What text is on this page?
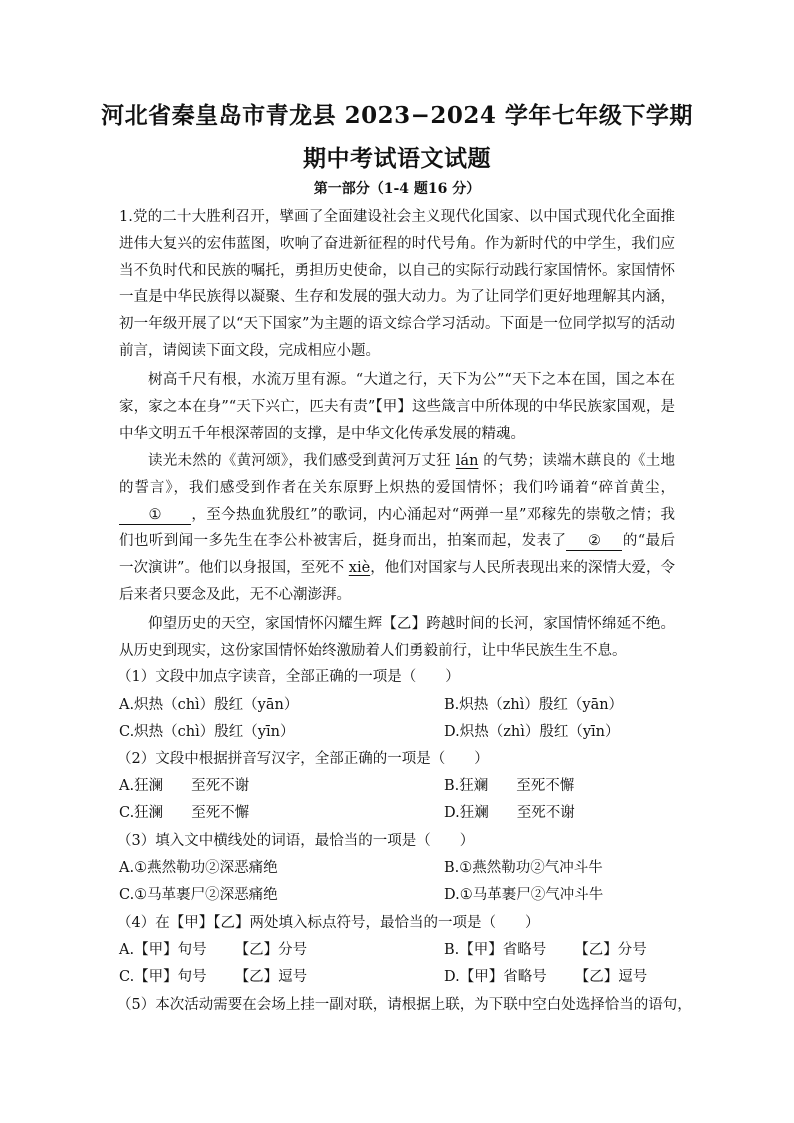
河北省秦皇岛市青龙县 2023−2024 学年七年级下学期
期中考试语文试题
第一部分（1-4 题16 分）

1.党的二十大胜利召开，擘画了全面建设社会主义现代化国家、以中国式现代化全面推进伟大复兴的宏伟蓝图，吹响了奋进新征程的时代号角。作为新时代的中学生，我们应当不负时代和民族的嘱托，勇担历史使命，以自己的实际行动践行家国情怀。家国情怀一直是中华民族得以凝聚、生存和发展的强大动力。为了让同学们更好地理解其内涵，初一年级开展了以“天下国家”为主题的语文综合学习活动。下面是一位同学拟写的活动前言，请阅读下面文段，完成相应小题。

树高千尺有根，水流万里有源。“大道之行，天下为公”“天下之本在国，国之本在家，家之本在身”“天下兴亡，匹夫有责”【甲】这些箴言中所体现的中华民族家国观，是中华文明五千年根深蒂固的支撑，是中华文化传承发展的精魂。

读光未然的《黄河颂》，我们感受到黄河万丈狂 lán 的气势；读端木蕻良的《土地的誓言》，我们感受到作者在关东原野上炽热的爱国情怀；我们吟诵着“碎首黄尘，① ，至今热血犹殷红”的歌词，内心涌起对“两弹一星”邓稼先的崇敬之情；我们也听到闻一多先生在李公朴被害后，挺身而出，拍案而起，发表了 ② 的“最后一次演讲”。他们以身报国，至死不 xiè，他们对国家与人民所表现出来的深情大爱，令后来者只要念及此，无不心潮澎湃。

仰望历史的天空，家国情怀闪耀生辉【乙】跨越时间的长河，家国情怀绵延不绝。从历史到现实，这份家国情怀始终激励着人们勇毅前行，让中华民族生生不息。

（1）文段中加点字读音，全部正确的一项是（　　）
A.炽热（chì）殷红（yān）	B.炽热（zhì）殷红（yān）
C.炽热（chì）殷红（yīn）	D.炽热（zhì）殷红（yīn）
（2）文段中根据拼音写汉字，全部正确的一项是（　　）
A.狂澜 至死不谢	B.狂斓 至死不懈
C.狂澜 至死不懈	D.狂斓 至死不谢
（3）填入文中横线处的词语，最恰当的一项是（　　）
A.①燕然勒功②深恶痛绝	B.①燕然勒功②气冲斗牛
C.①马革裹尸②深恶痛绝	D.①马革裹尸②气冲斗牛
（4）在【甲】【乙】两处填入标点符号，最恰当的一项是（　　）
A.【甲】句号 【乙】分号	B.【甲】省略号 【乙】分号
C.【甲】句号 【乙】逗号	D.【甲】省略号 【乙】逗号
（5）本次活动需要在会场上挂一副对联，请根据上联，为下联中空白处选择恰当的语句，
